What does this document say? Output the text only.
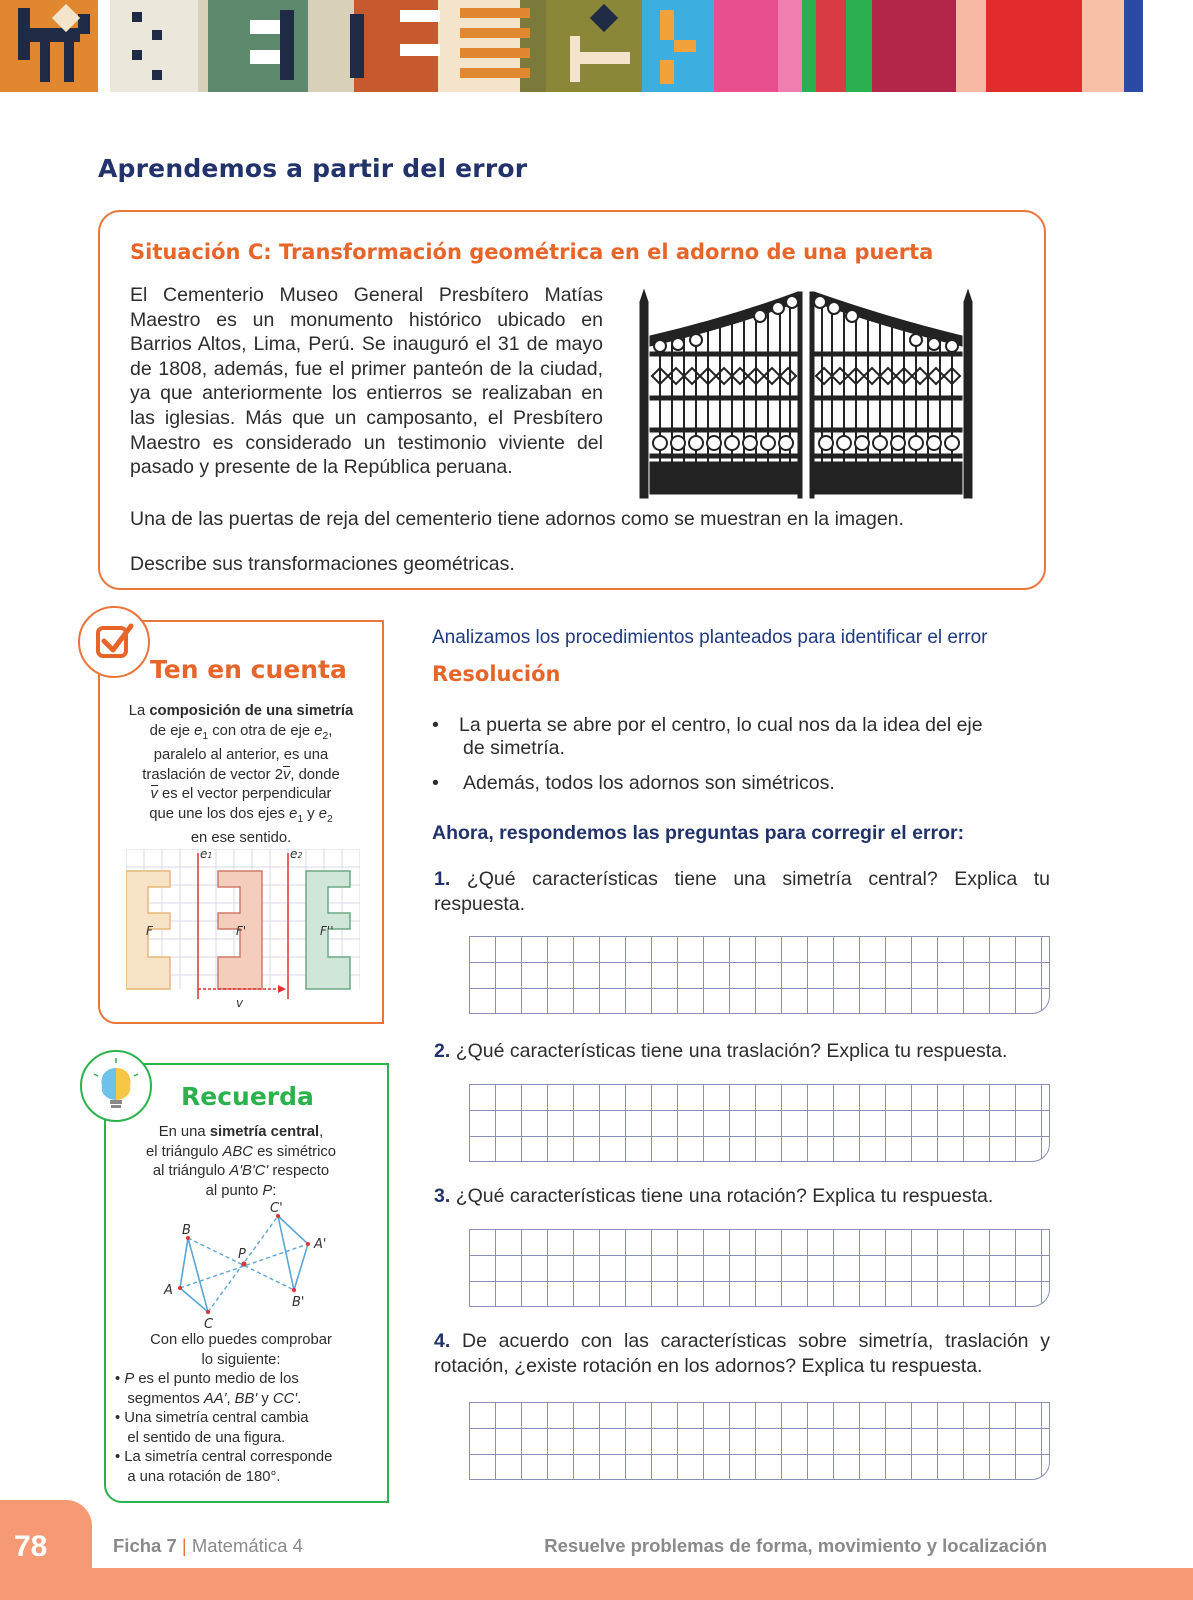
Aprendemos a partir del error
Situación C: Transformación geométrica en el adorno de una puerta
El Cementerio Museo General Presbítero Matías Maestro es un monumento histórico ubicado en Barrios Altos, Lima, Perú. Se inauguró el 31 de mayo de 1808, además, fue el primer panteón de la ciudad, ya que anteriormente los entierros se realizaban en las iglesias. Más que un camposanto, el Presbítero Maestro es considerado un testimonio viviente del pasado y presente de la República peruana.
Una de las puertas de reja del cementerio tiene adornos como se muestran en la imagen.
Describe sus transformaciones geométricas.
Ten en cuenta
La composición de una simetría
de eje $e_1$ con otra de eje $e_2$,
paralelo al anterior, es una
traslación de vector 2v, donde
v es el vector perpendicular
que une los dos ejes $e_1$ y $e_2$
en ese sentido.
e1	e2
F	F'	F''
v
Recuerda
En una simetría central,
el triángulo ABC es simétrico
al triángulo A'B'C' respecto
al punto P:
B
A
C
P
C'
A'
B'
Con ello puedes comprobar
lo siguiente:
• P es el punto medio de los
segmentos AA', BB' y CC'.
• Una simetría central cambia
el sentido de una figura.
• La simetría central corresponde
a una rotación de 180°.
Analizamos los procedimientos planteados para identificar el error
Resolución
• La puerta se abre por el centro, lo cual nos da la idea del eje
de simetría.
• Además, todos los adornos son simétricos.
Ahora, respondemos las preguntas para corregir el error:
1. ¿Qué características tiene una simetría central? Explica tu respuesta.
2. ¿Qué características tiene una traslación? Explica tu respuesta.
3. ¿Qué características tiene una rotación? Explica tu respuesta.
4. De acuerdo con las características sobre simetría, traslación y rotación, ¿existe rotación en los adornos? Explica tu respuesta.
78	Ficha 7 | Matemática 4	Resuelve problemas de forma, movimiento y localización
